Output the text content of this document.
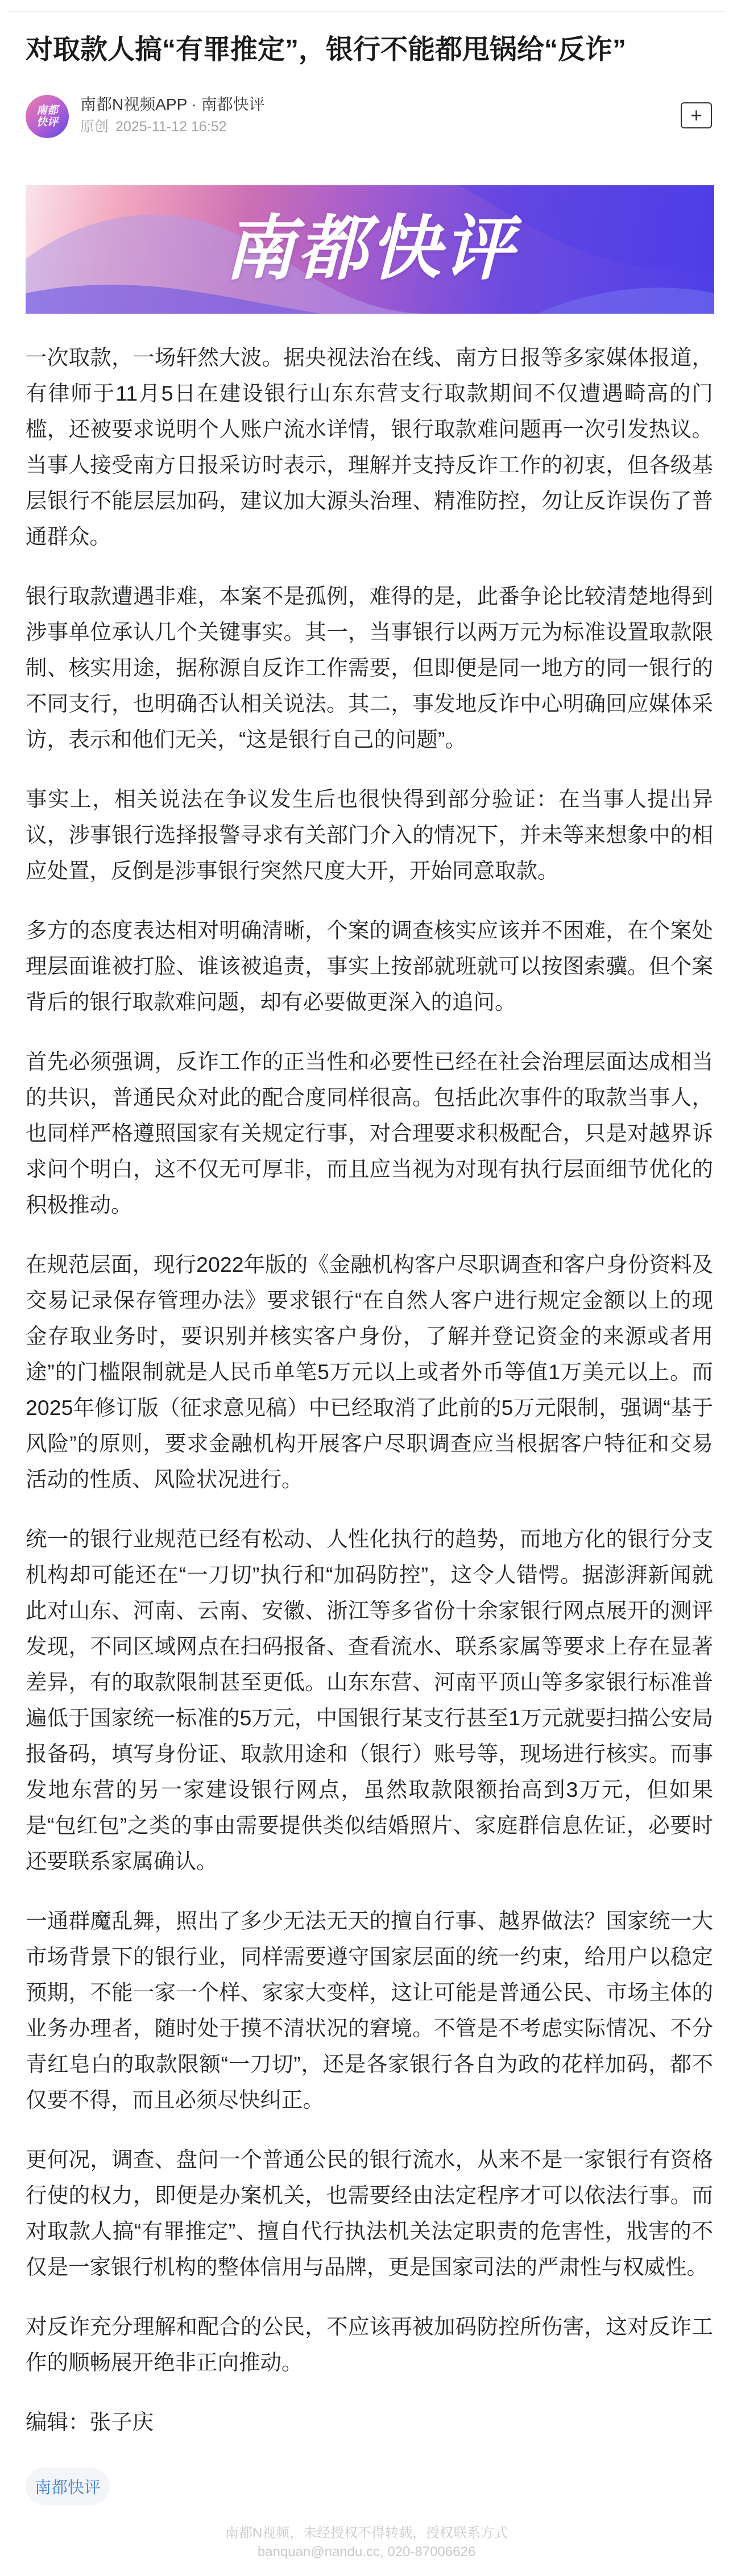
对取款人搞“有罪推定”，银行不能都甩锅给“反诈”
南都
快评
南都N视频APP · 南都快评
原创 2025-11-12 16:52	+
南都快评

一次取款，一场轩然大波。据央视法治在线、南方日报等多家媒体报道，有律师于11月5日在建设银行山东东营支行取款期间不仅遭遇畸高的门槛，还被要求说明个人账户流水详情，银行取款难问题再一次引发热议。当事人接受南方日报采访时表示，理解并支持反诈工作的初衷，但各级基层银行不能层层加码，建议加大源头治理、精准防控，勿让反诈误伤了普通群众。

银行取款遭遇非难，本案不是孤例，难得的是，此番争论比较清楚地得到涉事单位承认几个关键事实。其一，当事银行以两万元为标准设置取款限制、核实用途，据称源自反诈工作需要，但即便是同一地方的同一银行的不同支行，也明确否认相关说法。其二，事发地反诈中心明确回应媒体采访，表示和他们无关，“这是银行自己的问题”。

事实上，相关说法在争议发生后也很快得到部分验证：在当事人提出异议，涉事银行选择报警寻求有关部门介入的情况下，并未等来想象中的相应处置，反倒是涉事银行突然尺度大开，开始同意取款。

多方的态度表达相对明确清晰，个案的调查核实应该并不困难，在个案处理层面谁被打脸、谁该被追责，事实上按部就班就可以按图索骥。但个案背后的银行取款难问题，却有必要做更深入的追问。

首先必须强调，反诈工作的正当性和必要性已经在社会治理层面达成相当的共识，普通民众对此的配合度同样很高。包括此次事件的取款当事人，也同样严格遵照国家有关规定行事，对合理要求积极配合，只是对越界诉求问个明白，这不仅无可厚非，而且应当视为对现有执行层面细节优化的积极推动。

在规范层面，现行2022年版的《金融机构客户尽职调查和客户身份资料及交易记录保存管理办法》要求银行“在自然人客户进行规定金额以上的现金存取业务时，要识别并核实客户身份，了解并登记资金的来源或者用途”的门槛限制就是人民币单笔5万元以上或者外币等值1万美元以上。而2025年修订版（征求意见稿）中已经取消了此前的5万元限制，强调“基于风险”的原则，要求金融机构开展客户尽职调查应当根据客户特征和交易活动的性质、风险状况进行。

统一的银行业规范已经有松动、人性化执行的趋势，而地方化的银行分支机构却可能还在“一刀切”执行和“加码防控”，这令人错愕。据澎湃新闻就此对山东、河南、云南、安徽、浙江等多省份十余家银行网点展开的测评发现，不同区域网点在扫码报备、查看流水、联系家属等要求上存在显著差异，有的取款限制甚至更低。山东东营、河南平顶山等多家银行标准普遍低于国家统一标准的5万元，中国银行某支行甚至1万元就要扫描公安局报备码，填写身份证、取款用途和（银行）账号等，现场进行核实。而事发地东营的另一家建设银行网点，虽然取款限额抬高到3万元，但如果是“包红包”之类的事由需要提供类似结婚照片、家庭群信息佐证，必要时还要联系家属确认。

一通群魔乱舞，照出了多少无法无天的擅自行事、越界做法？国家统一大市场背景下的银行业，同样需要遵守国家层面的统一约束，给用户以稳定预期，不能一家一个样、家家大变样，这让可能是普通公民、市场主体的业务办理者，随时处于摸不清状况的窘境。不管是不考虑实际情况、不分青红皂白的取款限额“一刀切”，还是各家银行各自为政的花样加码，都不仅要不得，而且必须尽快纠正。

更何况，调查、盘问一个普通公民的银行流水，从来不是一家银行有资格行使的权力，即便是办案机关，也需要经由法定程序才可以依法行事。而对取款人搞“有罪推定”、擅自代行执法机关法定职责的危害性，戕害的不仅是一家银行机构的整体信用与品牌，更是国家司法的严肃性与权威性。

对反诈充分理解和配合的公民，不应该再被加码防控所伤害，这对反诈工作的顺畅展开绝非正向推动。

编辑：张子庆
南都快评
南都N视频，未经授权不得转载，授权联系方式
banquan@nandu.cc, 020-87006626
